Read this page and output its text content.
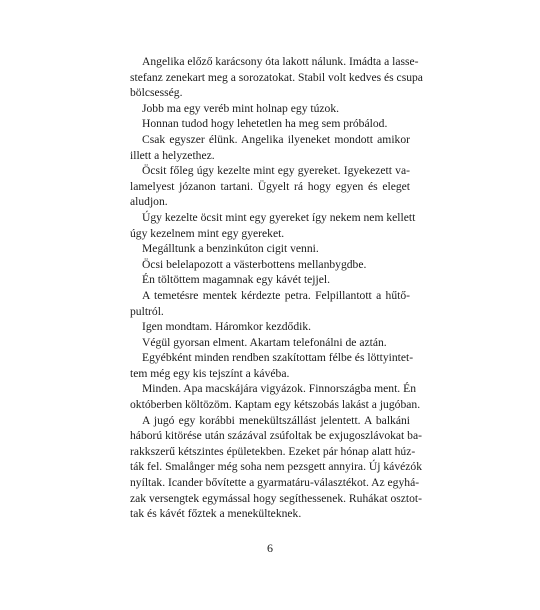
Angelika előző karácsony óta lakott nálunk. Imádta a lasse-
stefanz zenekart meg a sorozatokat. Stabil volt kedves és csupa
bölcsesség.
Jobb ma egy veréb mint holnap egy túzok.
Honnan tudod hogy lehetetlen ha meg sem próbálod.
Csak egyszer élünk. Angelika ilyeneket mondott amikor
illett a helyzethez.
Öcsit főleg úgy kezelte mint egy gyereket. Igyekezett va-
lamelyest józanon tartani. Ügyelt rá hogy egyen és eleget
aludjon.
Úgy kezelte öcsit mint egy gyereket így nekem nem kellett
úgy kezelnem mint egy gyereket.
Megálltunk a benzinkúton cigit venni.
Öcsi belelapozott a västerbottens mellanbygdbe.
Én töltöttem magamnak egy kávét tejjel.
A temetésre mentek kérdezte petra. Felpillantott a hűtő-
pultról.
Igen mondtam. Háromkor kezdődik.
Végül gyorsan elment. Akartam telefonálni de aztán.
Egyébként minden rendben szakítottam félbe és löttyintet-
tem még egy kis tejszínt a kávéba.
Minden. Apa macskájára vigyázok. Finnországba ment. Én
októberben költözöm. Kaptam egy kétszobás lakást a jugóban.
A jugó egy korábbi menekültszállást jelentett. A balkáni
háború kitörése után százával zsúfoltak be exjugoszlávokat ba-
rakkszerű kétszintes épületekben. Ezeket pár hónap alatt húz-
ták fel. Smalånger még soha nem pezsgett annyira. Új kávézók
nyíltak. Icander bővítette a gyarmatáru-választékot. Az egyhá-
zak versengtek egymással hogy segíthessenek. Ruhákat osztot-
tak és kávét főztek a menekülteknek.
6
